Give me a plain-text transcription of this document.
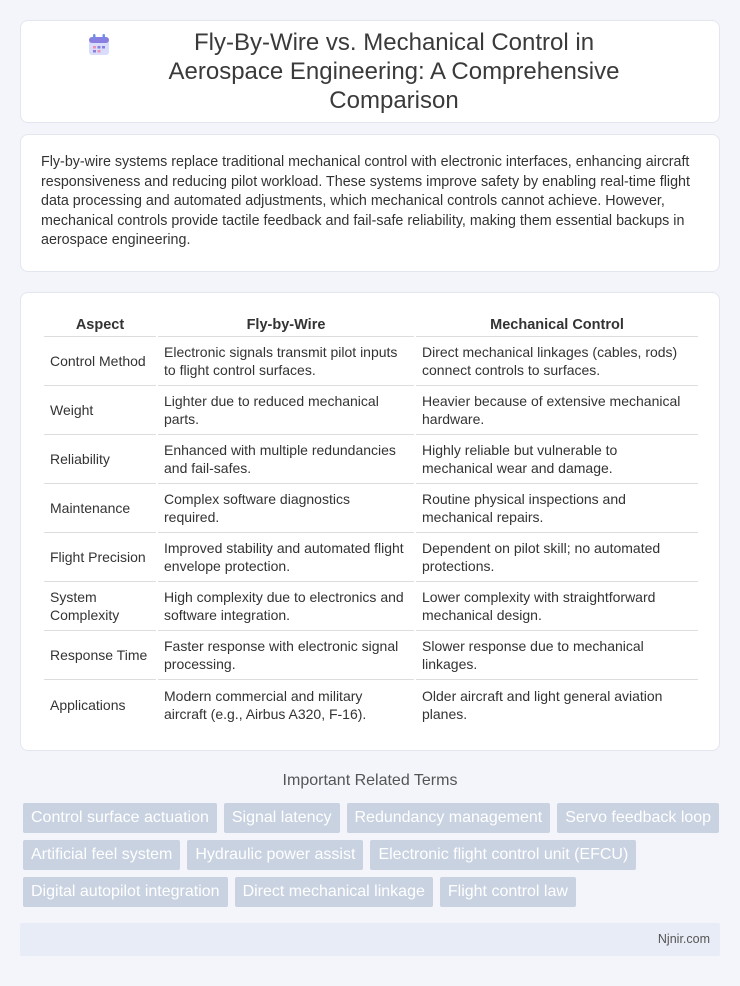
Fly-By-Wire vs. Mechanical Control in Aerospace Engineering: A Comprehensive Comparison

Fly-by-wire systems replace traditional mechanical control with electronic interfaces, enhancing aircraft responsiveness and reducing pilot workload. These systems improve safety by enabling real-time flight data processing and automated adjustments, which mechanical controls cannot achieve. However, mechanical controls provide tactile feedback and fail-safe reliability, making them essential backups in aerospace engineering.

Aspect	Fly-by-Wire	Mechanical Control
Control Method	Electronic signals transmit pilot inputs to flight control surfaces.	Direct mechanical linkages (cables, rods) connect controls to surfaces.
Weight	Lighter due to reduced mechanical parts.	Heavier because of extensive mechanical hardware.
Reliability	Enhanced with multiple redundancies and fail-safes.	Highly reliable but vulnerable to mechanical wear and damage.
Maintenance	Complex software diagnostics required.	Routine physical inspections and mechanical repairs.
Flight Precision	Improved stability and automated flight envelope protection.	Dependent on pilot skill; no automated protections.
System Complexity	High complexity due to electronics and software integration.	Lower complexity with straightforward mechanical design.
Response Time	Faster response with electronic signal processing.	Slower response due to mechanical linkages.
Applications	Modern commercial and military aircraft (e.g., Airbus A320, F-16).	Older aircraft and light general aviation planes.
Important Related Terms
Control surface actuation	Signal latency	Redundancy management	Servo feedback loop
Artificial feel system	Hydraulic power assist	Electronic flight control unit (EFCU)
Digital autopilot integration	Direct mechanical linkage	Flight control law
Njnir.com
